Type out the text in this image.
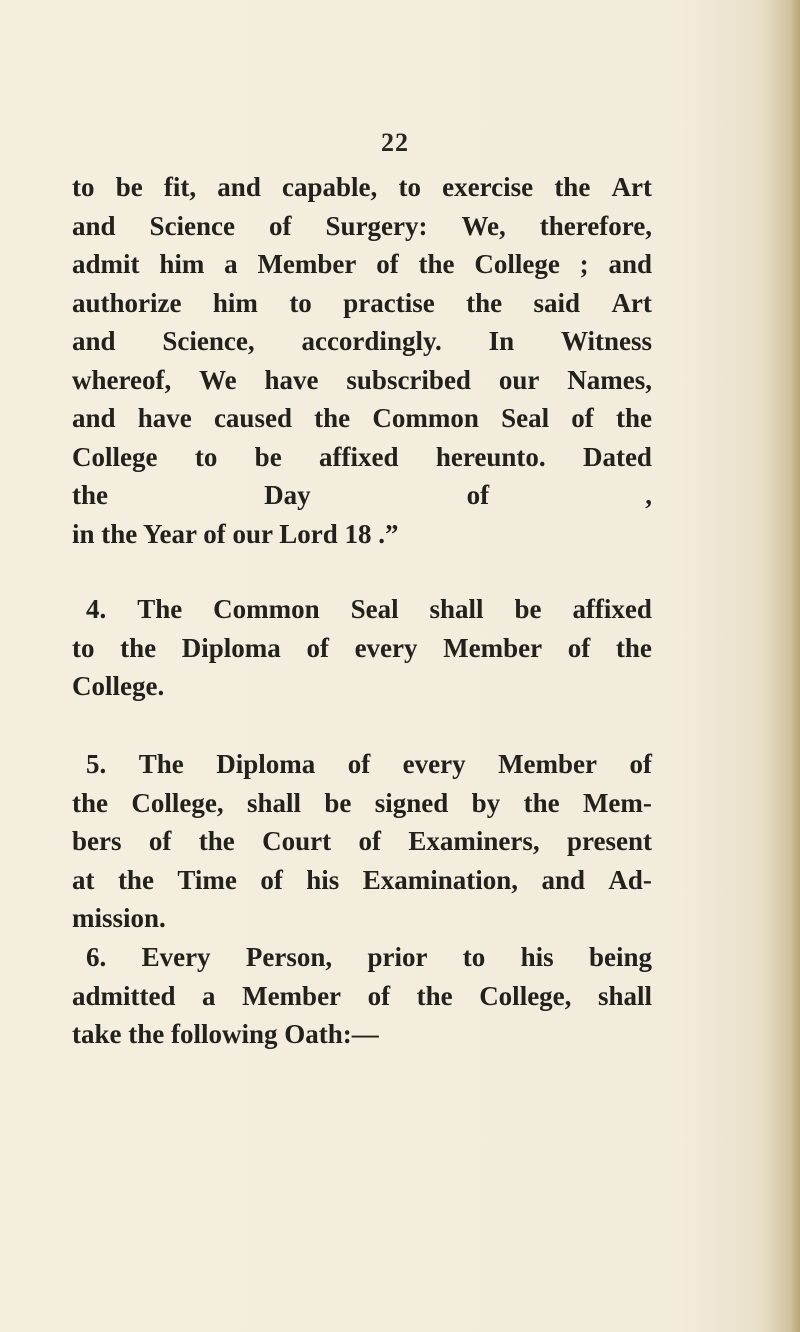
22
to be fit, and capable, to exercise the Art
and Science of Surgery: We, therefore,
admit him a Member of the College ; and
authorize him to practise the said Art
and Science, accordingly. In Witness
whereof, We have subscribed our Names,
and have caused the Common Seal of the
College to be affixed hereunto. Dated
the	Day	of	,
in the Year of our Lord 18 .”
4. The Common Seal shall be affixed
to the Diploma of every Member of the
College.
5. The Diploma of every Member of
the College, shall be signed by the Mem-
bers of the Court of Examiners, present
at the Time of his Examination, and Ad-
mission.
6. Every Person, prior to his being
admitted a Member of the College, shall
take the following Oath:—
